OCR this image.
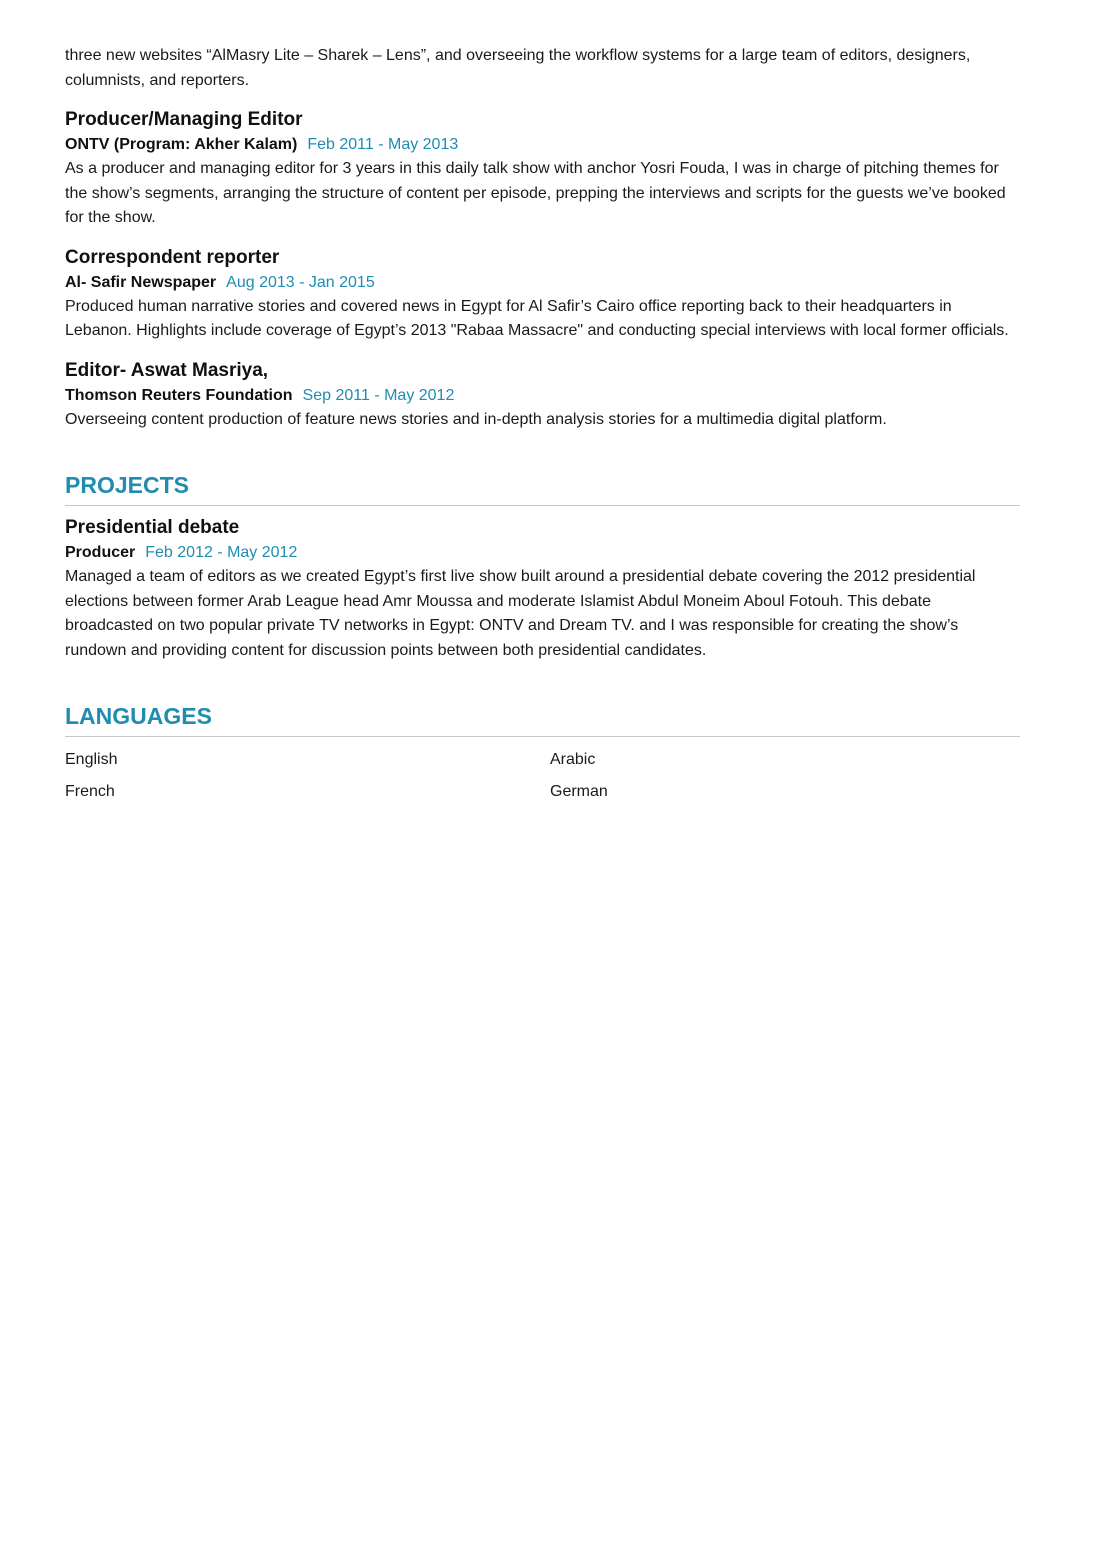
three new websites “AlMasry Lite – Sharek – Lens”, and overseeing the workflow systems for a large team of editors, designers, columnists, and reporters.

Producer/Managing Editor
ONTV (Program: Akher Kalam) Feb 2011 - May 2013

As a producer and managing editor for 3 years in this daily talk show with anchor Yosri Fouda, I was in charge of pitching themes for the show’s segments, arranging the structure of content per episode, prepping the interviews and scripts for the guests we’ve booked for the show.

Correspondent reporter
Al- Safir Newspaper Aug 2013 - Jan 2015

Produced human narrative stories and covered news in Egypt for Al Safir’s Cairo office reporting back to their headquarters in Lebanon. Highlights include coverage of Egypt’s 2013 "Rabaa Massacre" and conducting special interviews with local former officials.

Editor- Aswat Masriya,
Thomson Reuters Foundation Sep 2011 - May 2012

Overseeing content production of feature news stories and in-depth analysis stories for a multimedia digital platform.

PROJECTS
Presidential debate
Producer Feb 2012 - May 2012

Managed a team of editors as we created Egypt’s first live show built around a presidential debate covering the 2012 presidential elections between former Arab League head Amr Moussa and moderate Islamist Abdul Moneim Aboul Fotouh. This debate broadcasted on two popular private TV networks in Egypt: ONTV and Dream TV. and I was responsible for creating the show’s rundown and providing content for discussion points between both presidential candidates.

LANGUAGES
English	Arabic
French	German
